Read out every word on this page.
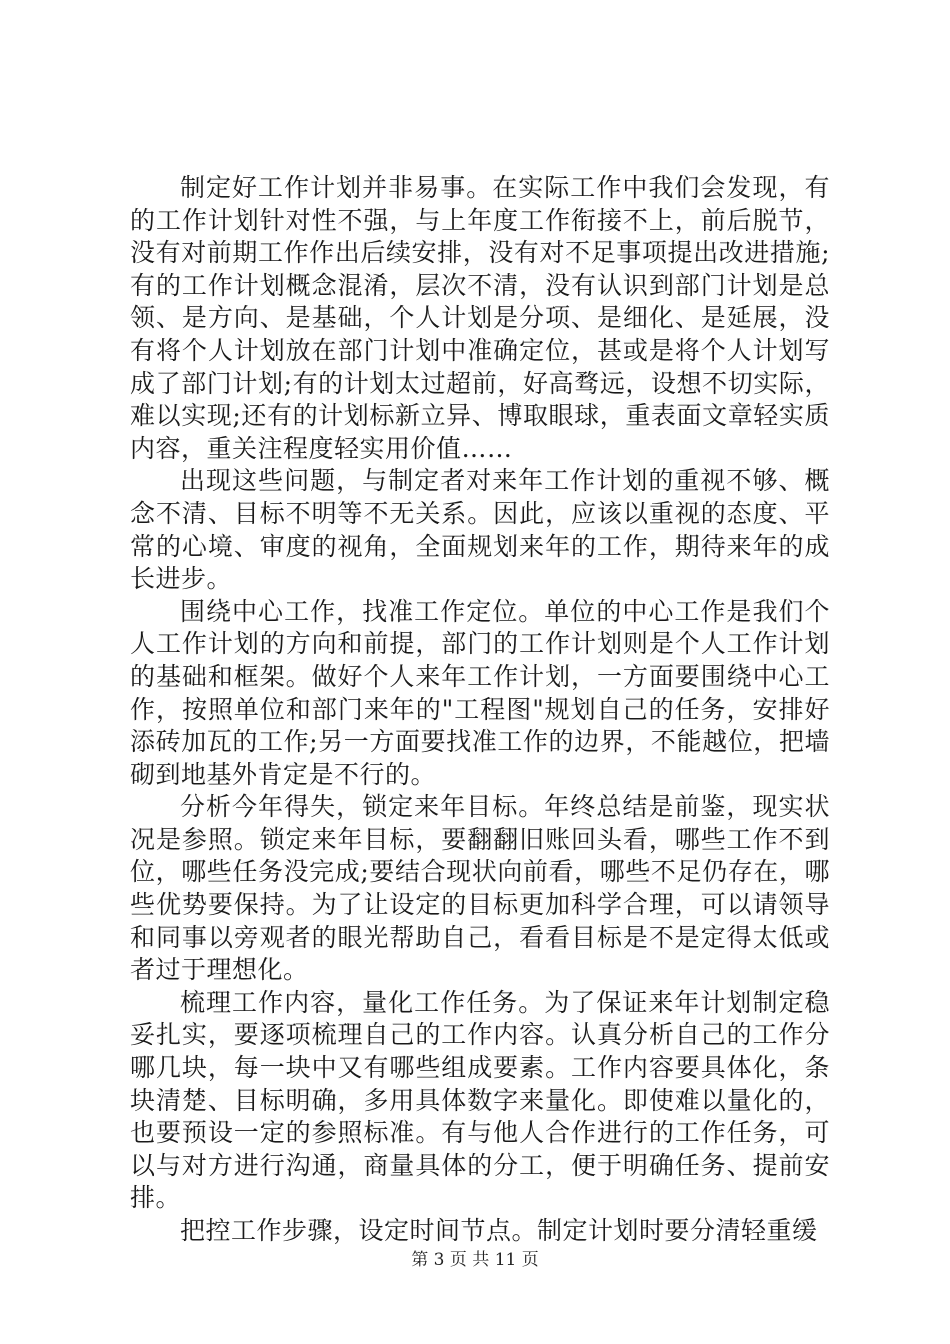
制定好工作计划并非易事。在实际工作中我们会发现，有的工作计划针对性不强，与上年度工作衔接不上，前后脱节，没有对前期工作作出后续安排，没有对不足事项提出改进措施;有的工作计划概念混淆，层次不清，没有认识到部门计划是总领、是方向、是基础，个人计划是分项、是细化、是延展，没有将个人计划放在部门计划中准确定位，甚或是将个人计划写成了部门计划;有的计划太过超前，好高骛远，设想不切实际，难以实现;还有的计划标新立异、博取眼球，重表面文章轻实质内容，重关注程度轻实用价值……

出现这些问题，与制定者对来年工作计划的重视不够、概念不清、目标不明等不无关系。因此，应该以重视的态度、平常的心境、审度的视角，全面规划来年的工作，期待来年的成长进步。

围绕中心工作，找准工作定位。单位的中心工作是我们个人工作计划的方向和前提，部门的工作计划则是个人工作计划的基础和框架。做好个人来年工作计划，一方面要围绕中心工作，按照单位和部门来年的"工程图"规划自己的任务，安排好添砖加瓦的工作;另一方面要找准工作的边界，不能越位，把墙砌到地基外肯定是不行的。

分析今年得失，锁定来年目标。年终总结是前鉴，现实状况是参照。锁定来年目标，要翻翻旧账回头看，哪些工作不到位，哪些任务没完成;要结合现状向前看，哪些不足仍存在，哪些优势要保持。为了让设定的目标更加科学合理，可以请领导和同事以旁观者的眼光帮助自己，看看目标是不是定得太低或者过于理想化。

梳理工作内容，量化工作任务。为了保证来年计划制定稳妥扎实，要逐项梳理自己的工作内容。认真分析自己的工作分哪几块，每一块中又有哪些组成要素。工作内容要具体化，条块清楚、目标明确，多用具体数字来量化。即使难以量化的，也要预设一定的参照标准。有与他人合作进行的工作任务，可以与对方进行沟通，商量具体的分工，便于明确任务、提前安排。

把控工作步骤，设定时间节点。制定计划时要分清轻重缓

第 3 页 共 11 页
